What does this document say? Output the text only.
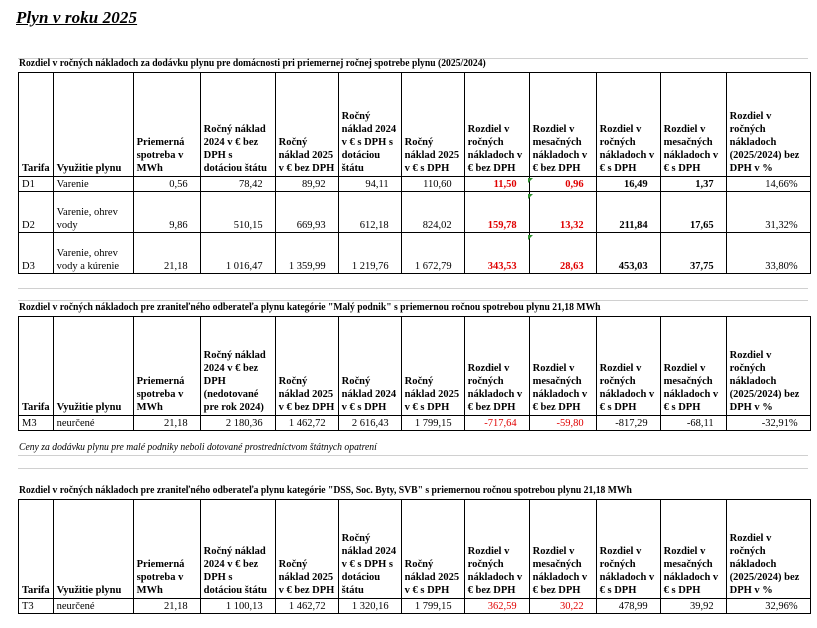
Plyn v roku 2025
Rozdiel v ročných nákladoch za dodávku plynu pre domácnosti pri priemernej ročnej spotrebe plynu (2025/2024)
Tarifa	Využitie plynu	Priemerná spotreba v MWh	Ročný náklad 2024 v € bez DPH s dotáciou štátu	Ročný náklad 2025 v € bez DPH	Ročný náklad 2024 v € s DPH s dotáciou štátu	Ročný náklad 2025 v € s DPH	Rozdiel v ročných nákladoch v € bez DPH	Rozdiel v mesačných nákladoch v € bez DPH	Rozdiel v ročných nákladoch v € s DPH	Rozdiel v mesačných nákladoch v € s DPH	Rozdiel v ročných nákladoch (2025/2024) bez DPH v %
D1	Varenie	0,56	78,42	89,92	94,11	110,60	11,50	0,96	16,49	1,37	14,66%
D2	Varenie, ohrev vody	9,86	510,15	669,93	612,18	824,02	159,78	13,32	211,84	17,65	31,32%
D3	Varenie, ohrev vody a kúrenie	21,18	1 016,47	1 359,99	1 219,76	1 672,79	343,53	28,63	453,03	37,75	33,80%
Rozdiel v ročných nákladoch pre zraniteľného odberateľa plynu kategórie "Malý podnik" s priemernou ročnou spotrebou plynu 21,18 MWh
Tarifa	Využitie plynu	Priemerná spotreba v MWh	Ročný náklad 2024 v € bez DPH (nedotované pre rok 2024)	Ročný náklad 2025 v € bez DPH	Ročný náklad 2024 v € s DPH	Ročný náklad 2025 v € s DPH	Rozdiel v ročných nákladoch v € bez DPH	Rozdiel v mesačných nákladoch v € bez DPH	Rozdiel v ročných nákladoch v € s DPH	Rozdiel v mesačných nákladoch v € s DPH	Rozdiel v ročných nákladoch (2025/2024) bez DPH v %
M3	neurčené	21,18	2 180,36	1 462,72	2 616,43	1 799,15	-717,64	-59,80	-817,29	-68,11	-32,91%
Ceny za dodávku plynu pre malé podniky neboli dotované prostredníctvom štátnych opatrení
Rozdiel v ročných nákladoch pre zraniteľného odberateľa plynu kategórie "DSS, Soc. Byty, SVB" s priemernou ročnou spotrebou plynu 21,18 MWh
Tarifa	Využitie plynu	Priemerná spotreba v MWh	Ročný náklad 2024 v € bez DPH s dotáciou štátu	Ročný náklad 2025 v € bez DPH	Ročný náklad 2024 v € s DPH s dotáciou štátu	Ročný náklad 2025 v € s DPH	Rozdiel v ročných nákladoch v € bez DPH	Rozdiel v mesačných nákladoch v € bez DPH	Rozdiel v ročných nákladoch v € s DPH	Rozdiel v mesačných nákladoch v € s DPH	Rozdiel v ročných nákladoch (2025/2024) bez DPH v %
T3	neurčené	21,18	1 100,13	1 462,72	1 320,16	1 799,15	362,59	30,22	478,99	39,92	32,96%
